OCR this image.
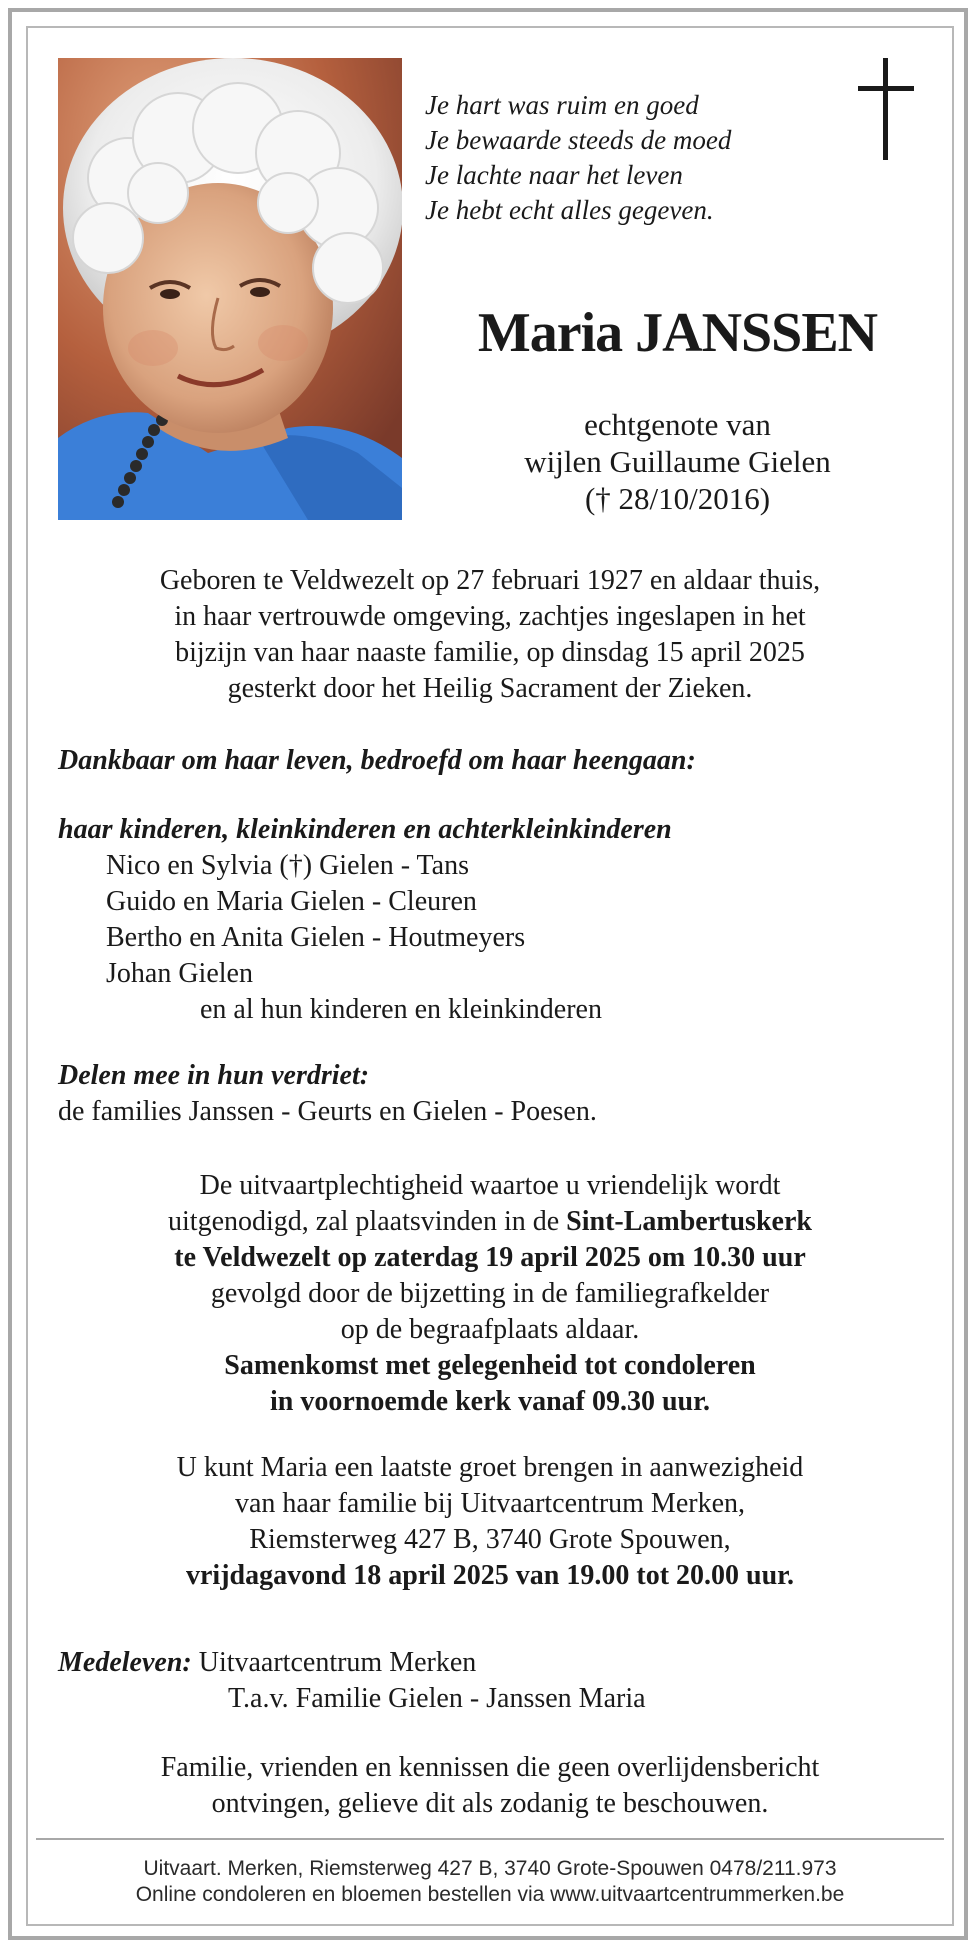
Je hart was ruim en goed
Je bewaarde steeds de moed
Je lachte naar het leven
Je hebt echt alles gegeven.
Maria JANSSEN
echtgenote van
wijlen Guillaume Gielen
(† 28/10/2016)
Geboren te Veldwezelt op 27 februari 1927 en aldaar thuis,
in haar vertrouwde omgeving, zachtjes ingeslapen in het
bijzijn van haar naaste familie, op dinsdag 15 april 2025
gesterkt door het Heilig Sacrament der Zieken.
Dankbaar om haar leven, bedroefd om haar heengaan:
haar kinderen, kleinkinderen en achterkleinkinderen
Nico en Sylvia (†) Gielen - Tans
Guido en Maria Gielen - Cleuren
Bertho en Anita Gielen - Houtmeyers
Johan Gielen
en al hun kinderen en kleinkinderen
Delen mee in hun verdriet:
de families Janssen - Geurts en Gielen - Poesen.
De uitvaartplechtigheid waartoe u vriendelijk wordt
uitgenodigd, zal plaatsvinden in de Sint-Lambertuskerk
te Veldwezelt op zaterdag 19 april 2025 om 10.30 uur
gevolgd door de bijzetting in de familiegrafkelder
op de begraafplaats aldaar.
Samenkomst met gelegenheid tot condoleren
in voornoemde kerk vanaf 09.30 uur.
U kunt Maria een laatste groet brengen in aanwezigheid
van haar familie bij Uitvaartcentrum Merken,
Riemsterweg 427 B, 3740 Grote Spouwen,
vrijdagavond 18 april 2025 van 19.00 tot 20.00 uur.
Medeleven: Uitvaartcentrum Merken
T.a.v. Familie Gielen - Janssen Maria
Familie, vrienden en kennissen die geen overlijdensbericht
ontvingen, gelieve dit als zodanig te beschouwen.
Uitvaart. Merken, Riemsterweg 427 B, 3740 Grote-Spouwen 0478/211.973
Online condoleren en bloemen bestellen via www.uitvaartcentrummerken.be
